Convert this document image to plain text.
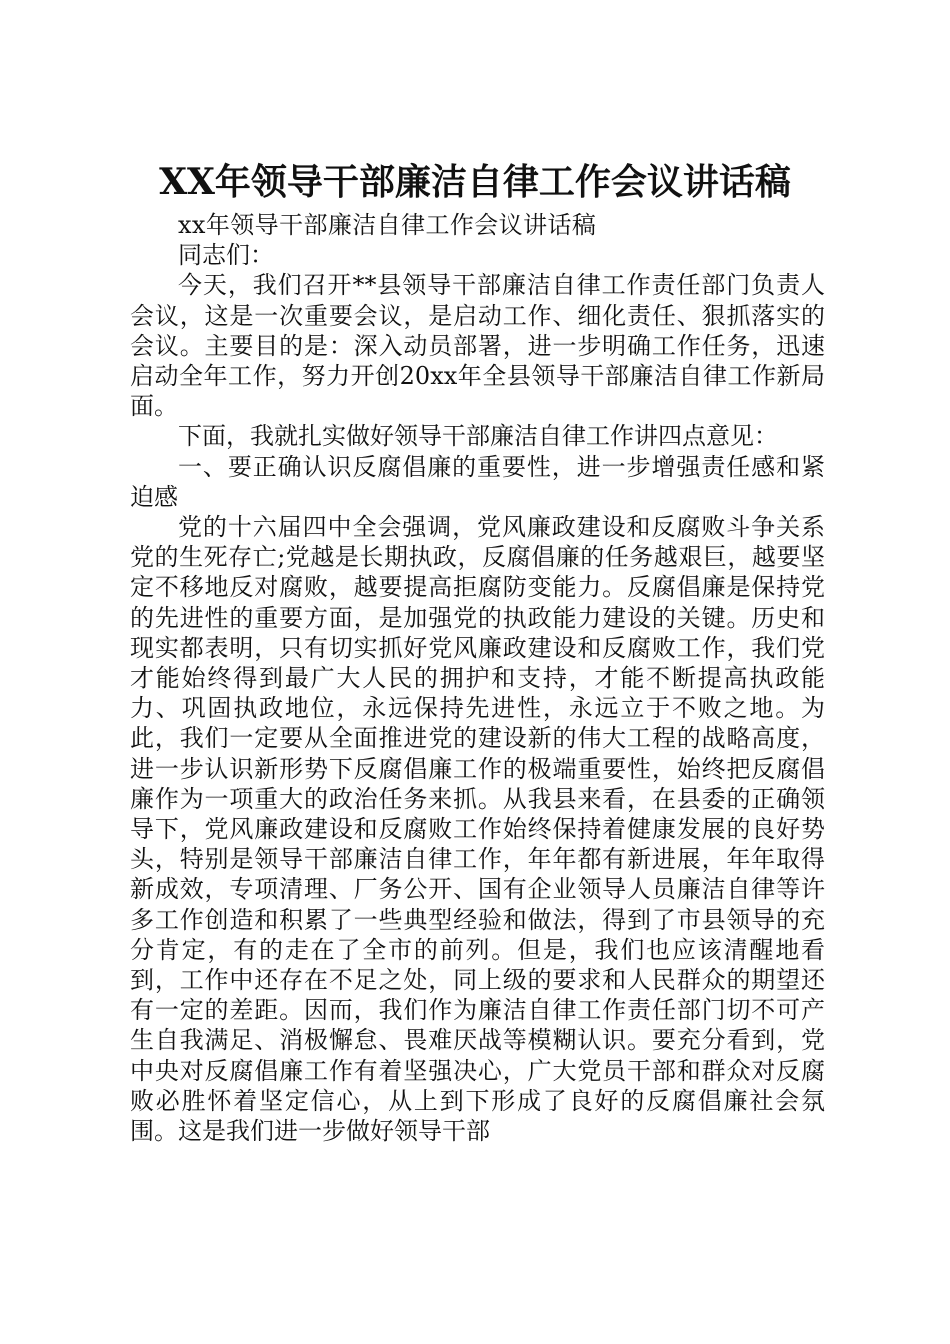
XX年领导干部廉洁自律工作会议讲话稿

xx年领导干部廉洁自律工作会议讲话稿

同志们：

今天，我们召开**县领导干部廉洁自律工作责任部门负责人会议，这是一次重要会议，是启动工作、细化责任、狠抓落实的会议。主要目的是：深入动员部署，进一步明确工作任务，迅速启动全年工作，努力开创20xx年全县领导干部廉洁自律工作新局面。

下面，我就扎实做好领导干部廉洁自律工作讲四点意见：

一、要正确认识反腐倡廉的重要性，进一步增强责任感和紧迫感

党的十六届四中全会强调，党风廉政建设和反腐败斗争关系党的生死存亡;党越是长期执政，反腐倡廉的任务越艰巨，越要坚定不移地反对腐败，越要提高拒腐防变能力。反腐倡廉是保持党的先进性的重要方面，是加强党的执政能力建设的关键。历史和现实都表明，只有切实抓好党风廉政建设和反腐败工作，我们党才能始终得到最广大人民的拥护和支持，才能不断提高执政能力、巩固执政地位，永远保持先进性，永远立于不败之地。为此，我们一定要从全面推进党的建设新的伟大工程的战略高度，进一步认识新形势下反腐倡廉工作的极端重要性，始终把反腐倡廉作为一项重大的政治任务来抓。从我县来看，在县委的正确领导下，党风廉政建设和反腐败工作始终保持着健康发展的良好势头，特别是领导干部廉洁自律工作，年年都有新进展，年年取得新成效，专项清理、厂务公开、国有企业领导人员廉洁自律等许多工作创造和积累了一些典型经验和做法，得到了市县领导的充分肯定，有的走在了全市的前列。但是，我们也应该清醒地看到，工作中还存在不足之处，同上级的要求和人民群众的期望还有一定的差距。因而，我们作为廉洁自律工作责任部门切不可产生自我满足、消极懈怠、畏难厌战等模糊认识。要充分看到，党中央对反腐倡廉工作有着坚强决心，广大党员干部和群众对反腐败必胜怀着坚定信心，从上到下形成了良好的反腐倡廉社会氛围。这是我们进一步做好领导干部
